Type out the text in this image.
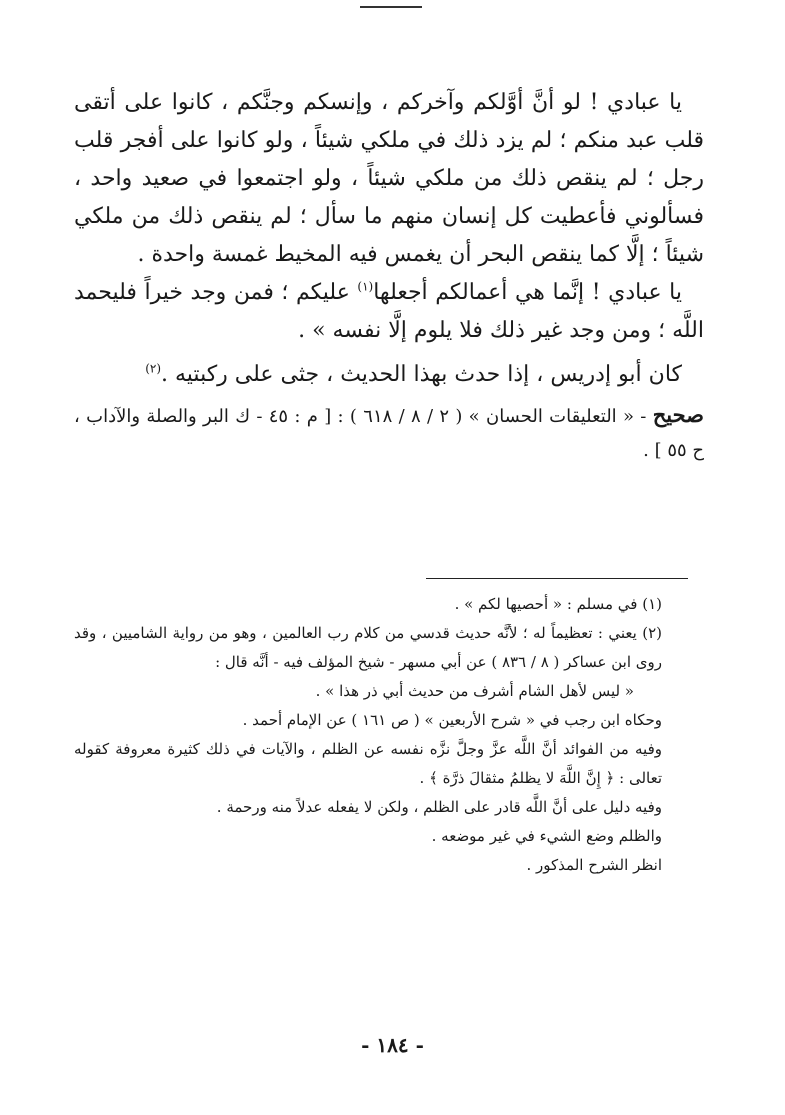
يا عبادي ! لو أنَّ أوَّلكم وآخركم ، وإنسكم وجنَّكم ، كانوا على أتقى قلب عبد منكم ؛ لم يزد ذلك في ملكي شيئاً ، ولو كانوا على أفجر قلب رجل ؛ لم ينقص ذلك من ملكي شيئاً ، ولو اجتمعوا في صعيد واحد ، فسألوني فأعطيت كل إنسان منهم ما سأل ؛ لم ينقص ذلك من ملكي شيئاً ؛ إلَّا كما ينقص البحر أن يغمس فيه المخيط غمسة واحدة .

يا عبادي ! إنَّما هي أعمالكم أجعلها$^{(١)}$ عليكم ؛ فمن وجد خيراً فليحمد اللَّه ؛ ومن وجد غير ذلك فلا يلوم إلَّا نفسه » .

كان أبو إدريس ، إذا حدث بهذا الحديث ، جثى على ركبتيه .$^{(٢)}$

صحيح - « التعليقات الحسان » ( ٢ / ٨ / ٦١٨ ) : [ م : ٤٥ - ك البر والصلة والآداب ، ح ٥٥ ] .

(١) في مسلم : « أحصيها لكم » .

(٢) يعني : تعظيماً له ؛ لأنَّه حديث قدسي من كلام رب العالمين ، وهو من رواية الشاميين ، وقد روى ابن عساكر ( ٨ / ٨٣٦ ) عن أبي مسهر - شيخ المؤلف فيه - أنَّه قال :

« ليس لأهل الشام أشرف من حديث أبي ذر هذا » .

وحكاه ابن رجب في « شرح الأربعين » ( ص ١٦١ ) عن الإمام أحمد .

وفيه من الفوائد أنَّ اللَّه عزَّ وجلَّ نزَّه نفسه عن الظلم ، والآيات في ذلك كثيرة معروفة كقوله تعالى : ﴿ إِنَّ اللَّهَ لا يظلمُ مثقالَ ذرَّة ﴾ .

وفيه دليل على أنَّ اللَّه قادر على الظلم ، ولكن لا يفعله عدلاً منه ورحمة .

والظلم وضع الشيء في غير موضعه .

انظر الشرح المذكور .

- ١٨٤ -
